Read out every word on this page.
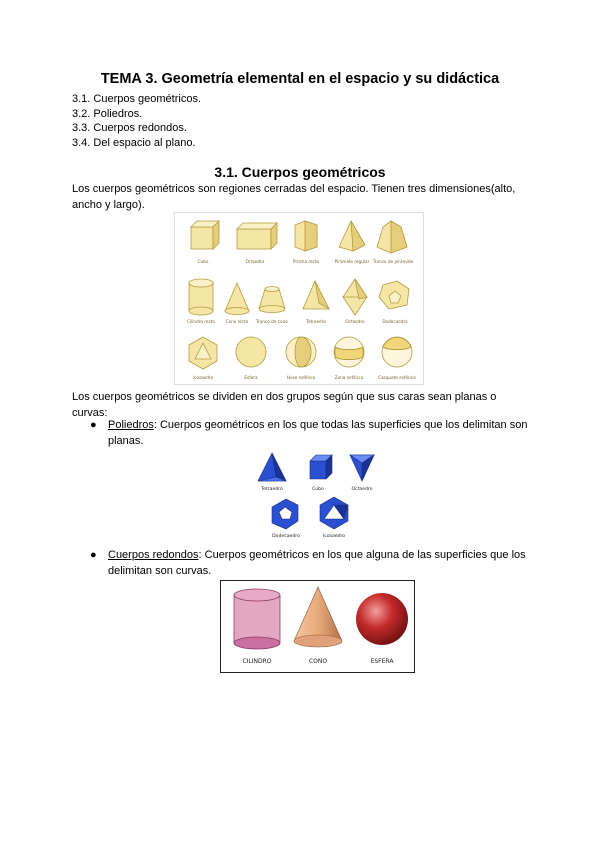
TEMA 3. Geometría elemental en el espacio y su didáctica
3.1. Cuerpos geométricos.
3.2. Poliedros.
3.3. Cuerpos redondos.
3.4. Del espacio al plano.
3.1. Cuerpos geométricos
Los cuerpos geométricos son regiones cerradas del espacio. Tienen tres dimensiones(alto, ancho y largo).
Cubo	Ortoedro	Prisma recto	Pirámide regular Tronco de pirámide
Cilindro recto	Cono recto Tronco de cono	Tetraedro	Octaedro	Dodecaedro
Icosaedro	Esfera	Huso esférico	Zona esférica	Casquete esférico
Los cuerpos geométricos se dividen en dos grupos según que sus caras sean planas o curvas:
● Poliedros: Cuerpos geométricos en los que todas las superficies que los delimitan son planas.
Tetraedro	Cubo	Octaedro
Dodecaedro	Icosaedro
● Cuerpos redondos: Cuerpos geométricos en los que alguna de las superficies que los delimitan son curvas.
CILINDRO	CONO	ESFERA
